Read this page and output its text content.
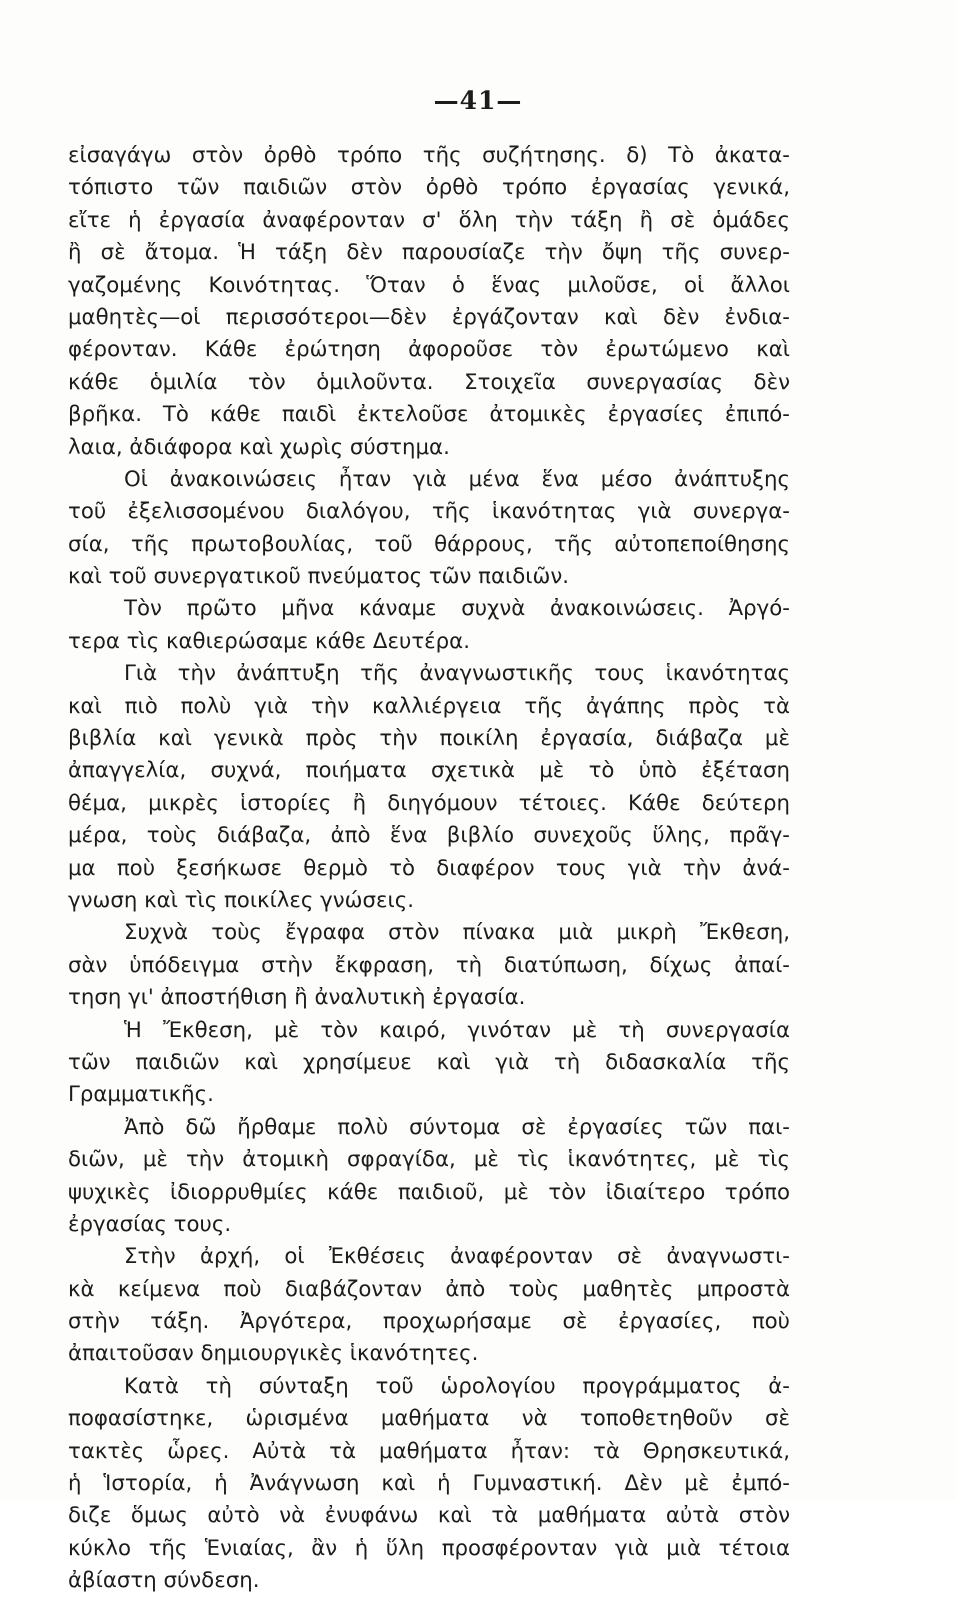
—41—
εἰσαγάγω στὸν ὀρθὸ τρόπο τῆς συζήτησης. δ) Τὸ ἀκατα-
τόπιστο τῶν παιδιῶν στὸν ὀρθὸ τρόπο ἐργασίας γενικά,
εἴτε ἡ ἐργασία ἀναφέρονταν σ' ὅλη τὴν τάξη ἢ σὲ ὁμάδες
ἢ σὲ ἄτομα. Ἡ τάξη δὲν παρουσίαζε τὴν ὄψη τῆς συνερ-
γαζομένης Κοινότητας. Ὅταν ὁ ἕνας μιλοῦσε, οἱ ἄλλοι
μαθητὲς—οἱ περισσότεροι—δὲν ἐργάζονταν καὶ δὲν ἐνδια-
φέρονταν. Κάθε ἐρώτηση ἀφοροῦσε τὸν ἐρωτώμενο καὶ
κάθε ὁμιλία τὸν ὁμιλοῦντα. Στοιχεῖα συνεργασίας δὲν
βρῆκα. Τὸ κάθε παιδὶ ἐκτελοῦσε ἀτομικὲς ἐργασίες ἐπιπό-
λαια, ἀδιάφορα καὶ χωρὶς σύστημα.
Οἱ ἀνακοινώσεις ἦταν γιὰ μένα ἕνα μέσο ἀνάπτυξης
τοῦ ἐξελισσομένου διαλόγου, τῆς ἱκανότητας γιὰ συνεργα-
σία, τῆς πρωτοβουλίας, τοῦ θάρρους, τῆς αὐτοπεποίθησης
καὶ τοῦ συνεργατικοῦ πνεύματος τῶν παιδιῶν.
Τὸν πρῶτο μῆνα κάναμε συχνὰ ἀνακοινώσεις. Ἀργό-
τερα τὶς καθιερώσαμε κάθε Δευτέρα.
Γιὰ τὴν ἀνάπτυξη τῆς ἀναγνωστικῆς τους ἱκανότητας
καὶ πιὸ πολὺ γιὰ τὴν καλλιέργεια τῆς ἀγάπης πρὸς τὰ
βιβλία καὶ γενικὰ πρὸς τὴν ποικίλη ἐργασία, διάβαζα μὲ
ἀπαγγελία, συχνά, ποιήματα σχετικὰ μὲ τὸ ὑπὸ ἐξέταση
θέμα, μικρὲς ἱστορίες ἢ διηγόμουν τέτοιες. Κάθε δεύτερη
μέρα, τοὺς διάβαζα, ἀπὸ ἕνα βιβλίο συνεχοῦς ὕλης, πρᾶγ-
μα ποὺ ξεσήκωσε θερμὸ τὸ διαφέρον τους γιὰ τὴν ἀνά-
γνωση καὶ τὶς ποικίλες γνώσεις.
Συχνὰ τοὺς ἔγραφα στὸν πίνακα μιὰ μικρὴ Ἔκθεση,
σὰν ὑπόδειγμα στὴν ἔκφραση, τὴ διατύπωση, δίχως ἀπαί-
τηση γι' ἀποστήθιση ἢ ἀναλυτικὴ ἐργασία.
Ἡ Ἔκθεση, μὲ τὸν καιρό, γινόταν μὲ τὴ συνεργασία
τῶν παιδιῶν καὶ χρησίμευε καὶ γιὰ τὴ διδασκαλία τῆς
Γραμματικῆς.
Ἀπὸ δῶ ἤρθαμε πολὺ σύντομα σὲ ἐργασίες τῶν παι-
διῶν, μὲ τὴν ἀτομικὴ σφραγίδα, μὲ τὶς ἱκανότητες, μὲ τὶς
ψυχικὲς ἰδιορρυθμίες κάθε παιδιοῦ, μὲ τὸν ἰδιαίτερο τρόπο
ἐργασίας τους.
Στὴν ἀρχή, οἱ Ἐκθέσεις ἀναφέρονταν σὲ ἀναγνωστι-
κὰ κείμενα ποὺ διαβάζονταν ἀπὸ τοὺς μαθητὲς μπροστὰ
στὴν τάξη. Ἀργότερα, προχωρήσαμε σὲ ἐργασίες, ποὺ
ἀπαιτοῦσαν δημιουργικὲς ἱκανότητες.
Κατὰ τὴ σύνταξη τοῦ ὡρολογίου προγράμματος ἀ-
ποφασίστηκε, ὡρισμένα μαθήματα νὰ τοποθετηθοῦν σὲ
τακτὲς ὧρες. Αὐτὰ τὰ μαθήματα ἦταν: τὰ Θρησκευτικά,
ἡ Ἱστορία, ἡ Ἀνάγνωση καὶ ἡ Γυμναστική. Δὲν μὲ ἐμπό-
διζε ὅμως αὐτὸ νὰ ἐνυφάνω καὶ τὰ μαθήματα αὐτὰ στὸν
κύκλο τῆς Ἑνιαίας, ἂν ἡ ὕλη προσφέρονταν γιὰ μιὰ τέτοια
ἀβίαστη σύνδεση.
